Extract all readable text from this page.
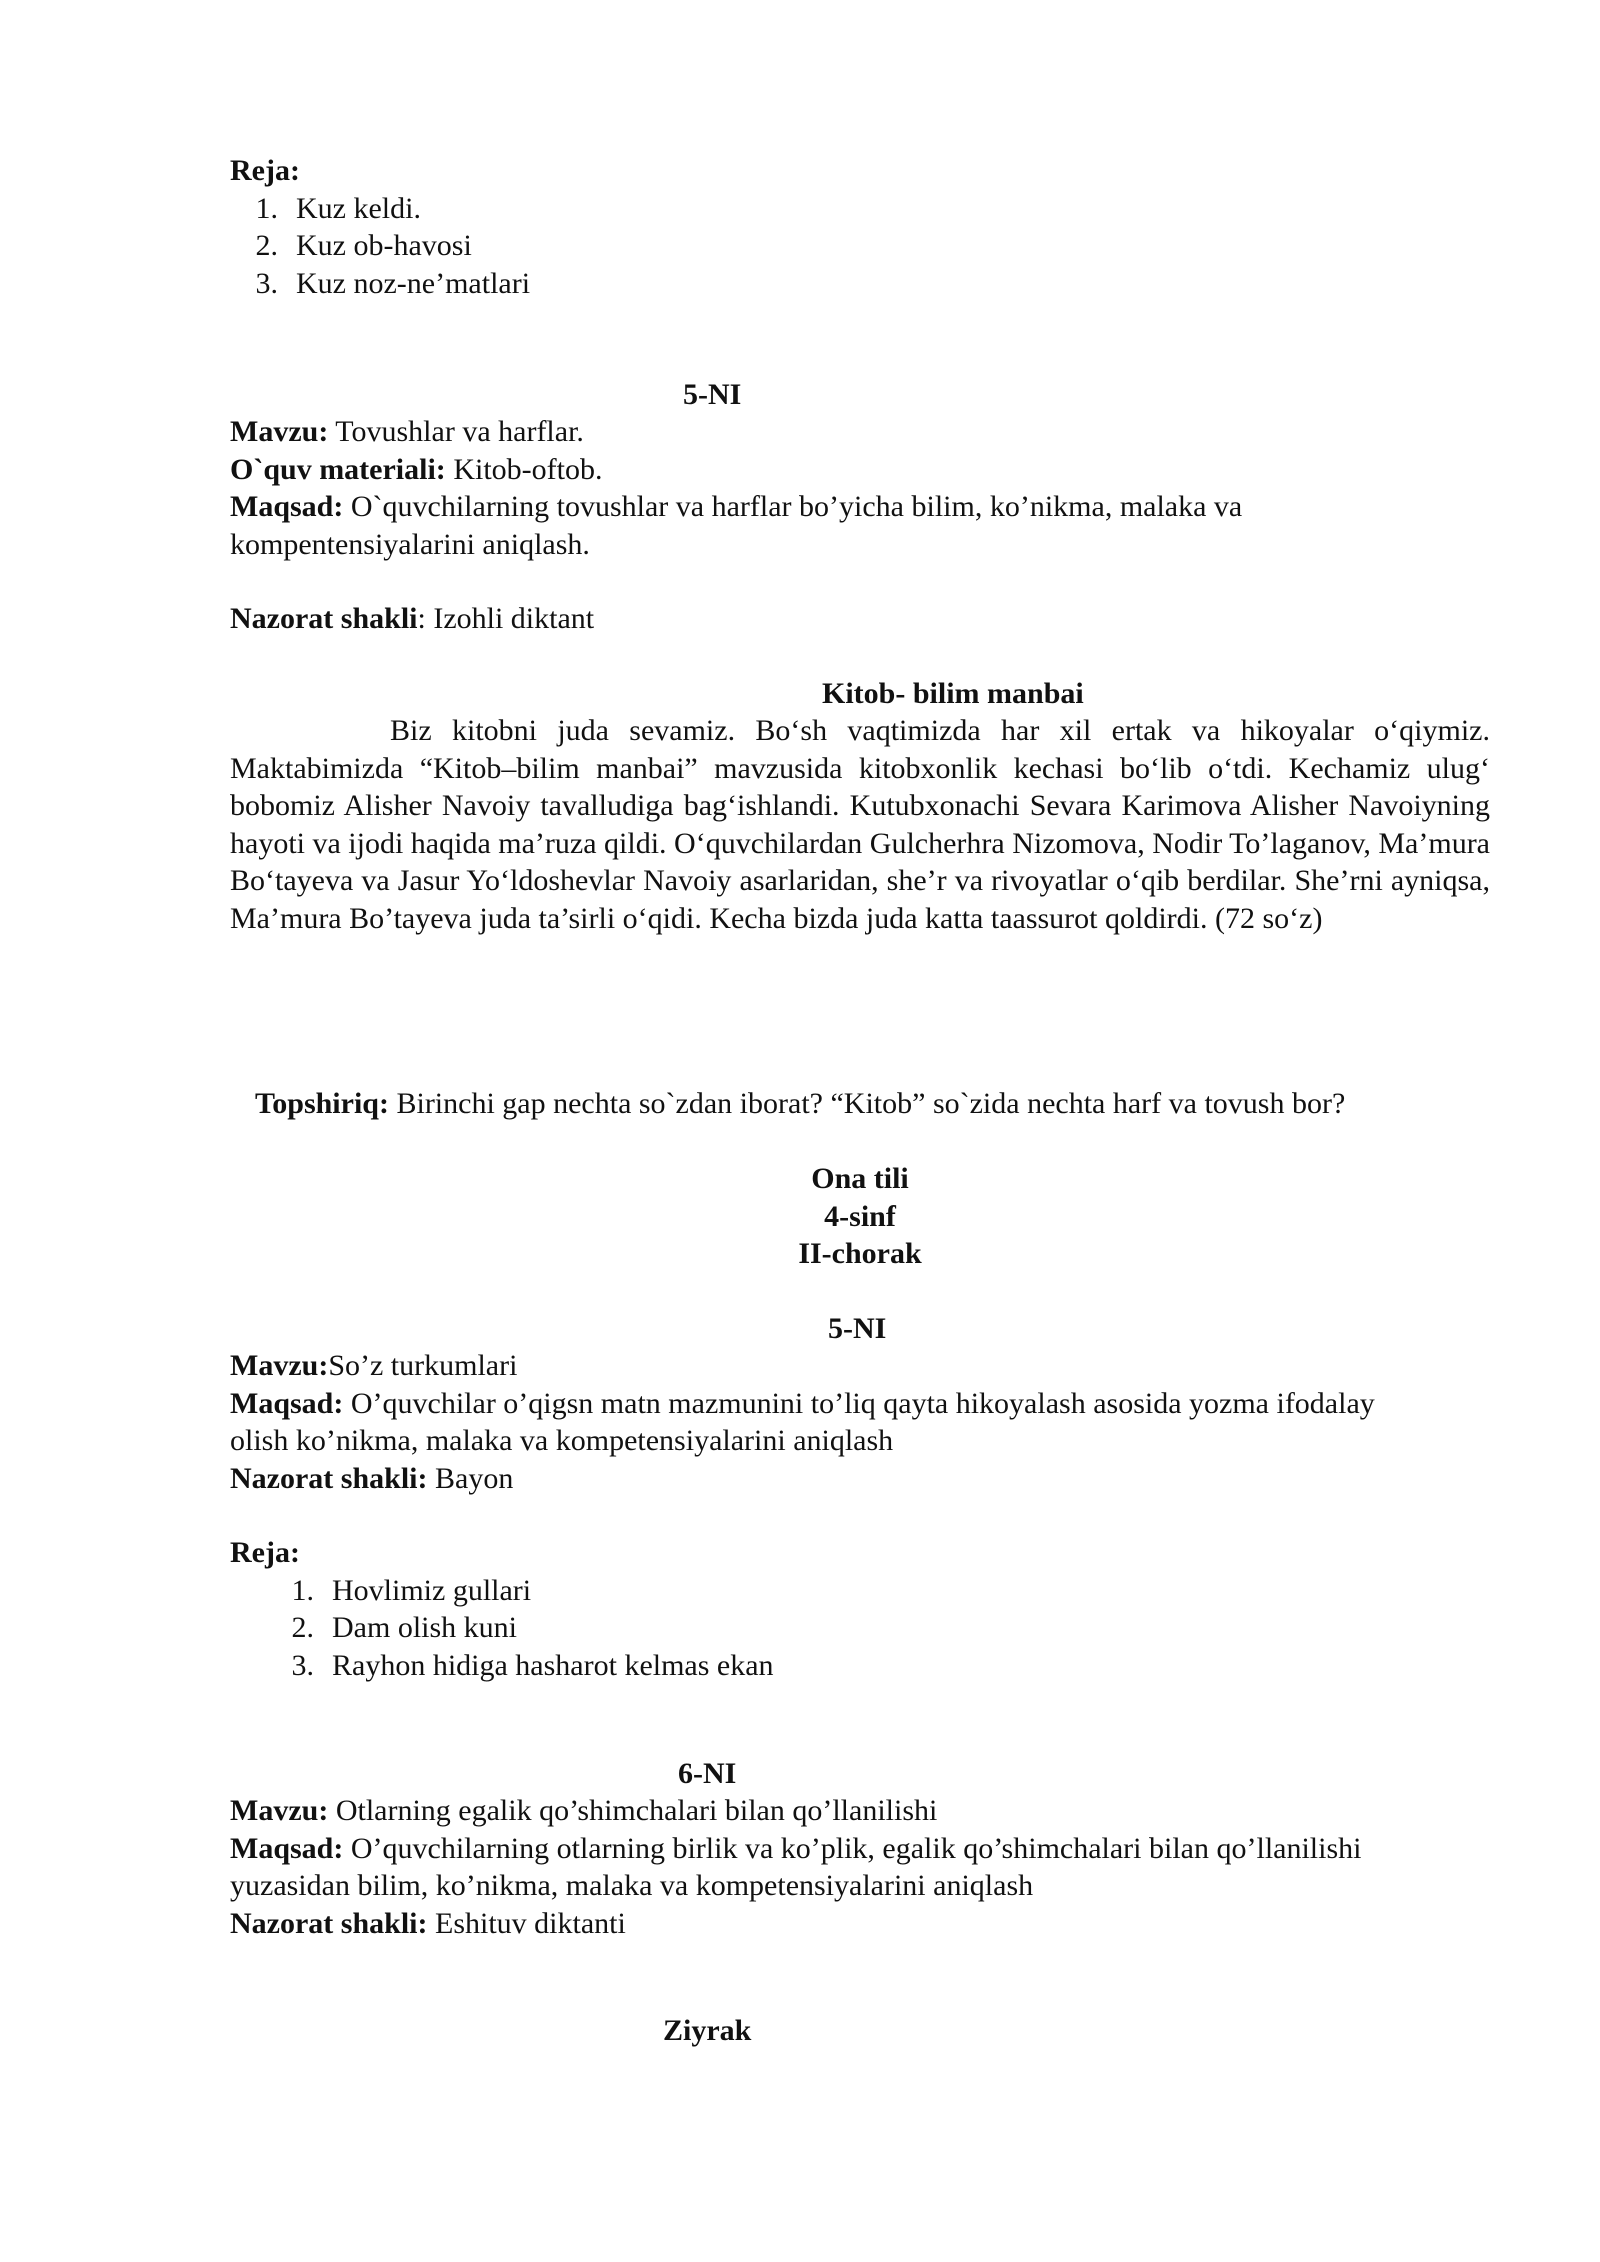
Reja:
1. Kuz keldi.
2. Kuz ob-havosi
3. Kuz noz-ne’matlari
5-NI
Mavzu: Tovushlar va harflar.
O`quv materiali: Kitob-oftob.
Maqsad: O`quvchilarning tovushlar va harflar bo’yicha bilim, ko’nikma, malaka va
kompentensiyalarini aniqlash.
Nazorat shakli: Izohli diktant
Kitob- bilim manbai
Biz kitobni juda sevamiz. Bo‘sh vaqtimizda har xil ertak va hikoyalar o‘qiymiz. Maktabimizda “Kitob–bilim manbai” mavzusida kitobxonlik kechasi bo‘lib o‘tdi. Kechamiz ulug‘ bobomiz Alisher Navoiy tavalludiga bag‘ishlandi. Kutubxonachi Sevara Karimova Alisher Navoiyning hayoti va ijodi haqida ma’ruza qildi. O‘quvchilardan Gulcherhra Nizomova, Nodir To’laganov, Ma’mura Bo‘tayeva va Jasur Yo‘ldoshevlar Navoiy asarlaridan, she’r va rivoyatlar o‘qib berdilar. She’rni ayniqsa, Ma’mura Bo’tayeva juda ta’sirli o‘qidi. Kecha bizda juda katta taassurot qoldirdi. (72 so‘z)
Topshiriq: Birinchi gap nechta so`zdan iborat? “Kitob” so`zida nechta harf va tovush bor?
Ona tili
4-sinf
II-chorak
5-NI
Mavzu:So’z turkumlari
Maqsad: O’quvchilar o’qigsn matn mazmunini to’liq qayta hikoyalash asosida yozma ifodalay
olish ko’nikma, malaka va kompetensiyalarini aniqlash
Nazorat shakli: Bayon
Reja:
1. Hovlimiz gullari
2. Dam olish kuni
3. Rayhon hidiga hasharot kelmas ekan
6-NI
Mavzu: Otlarning egalik qo’shimchalari bilan qo’llanilishi
Maqsad: O’quvchilarning otlarning birlik va ko’plik, egalik qo’shimchalari bilan qo’llanilishi
yuzasidan bilim, ko’nikma, malaka va kompetensiyalarini aniqlash
Nazorat shakli: Eshituv diktanti
Ziyrak
